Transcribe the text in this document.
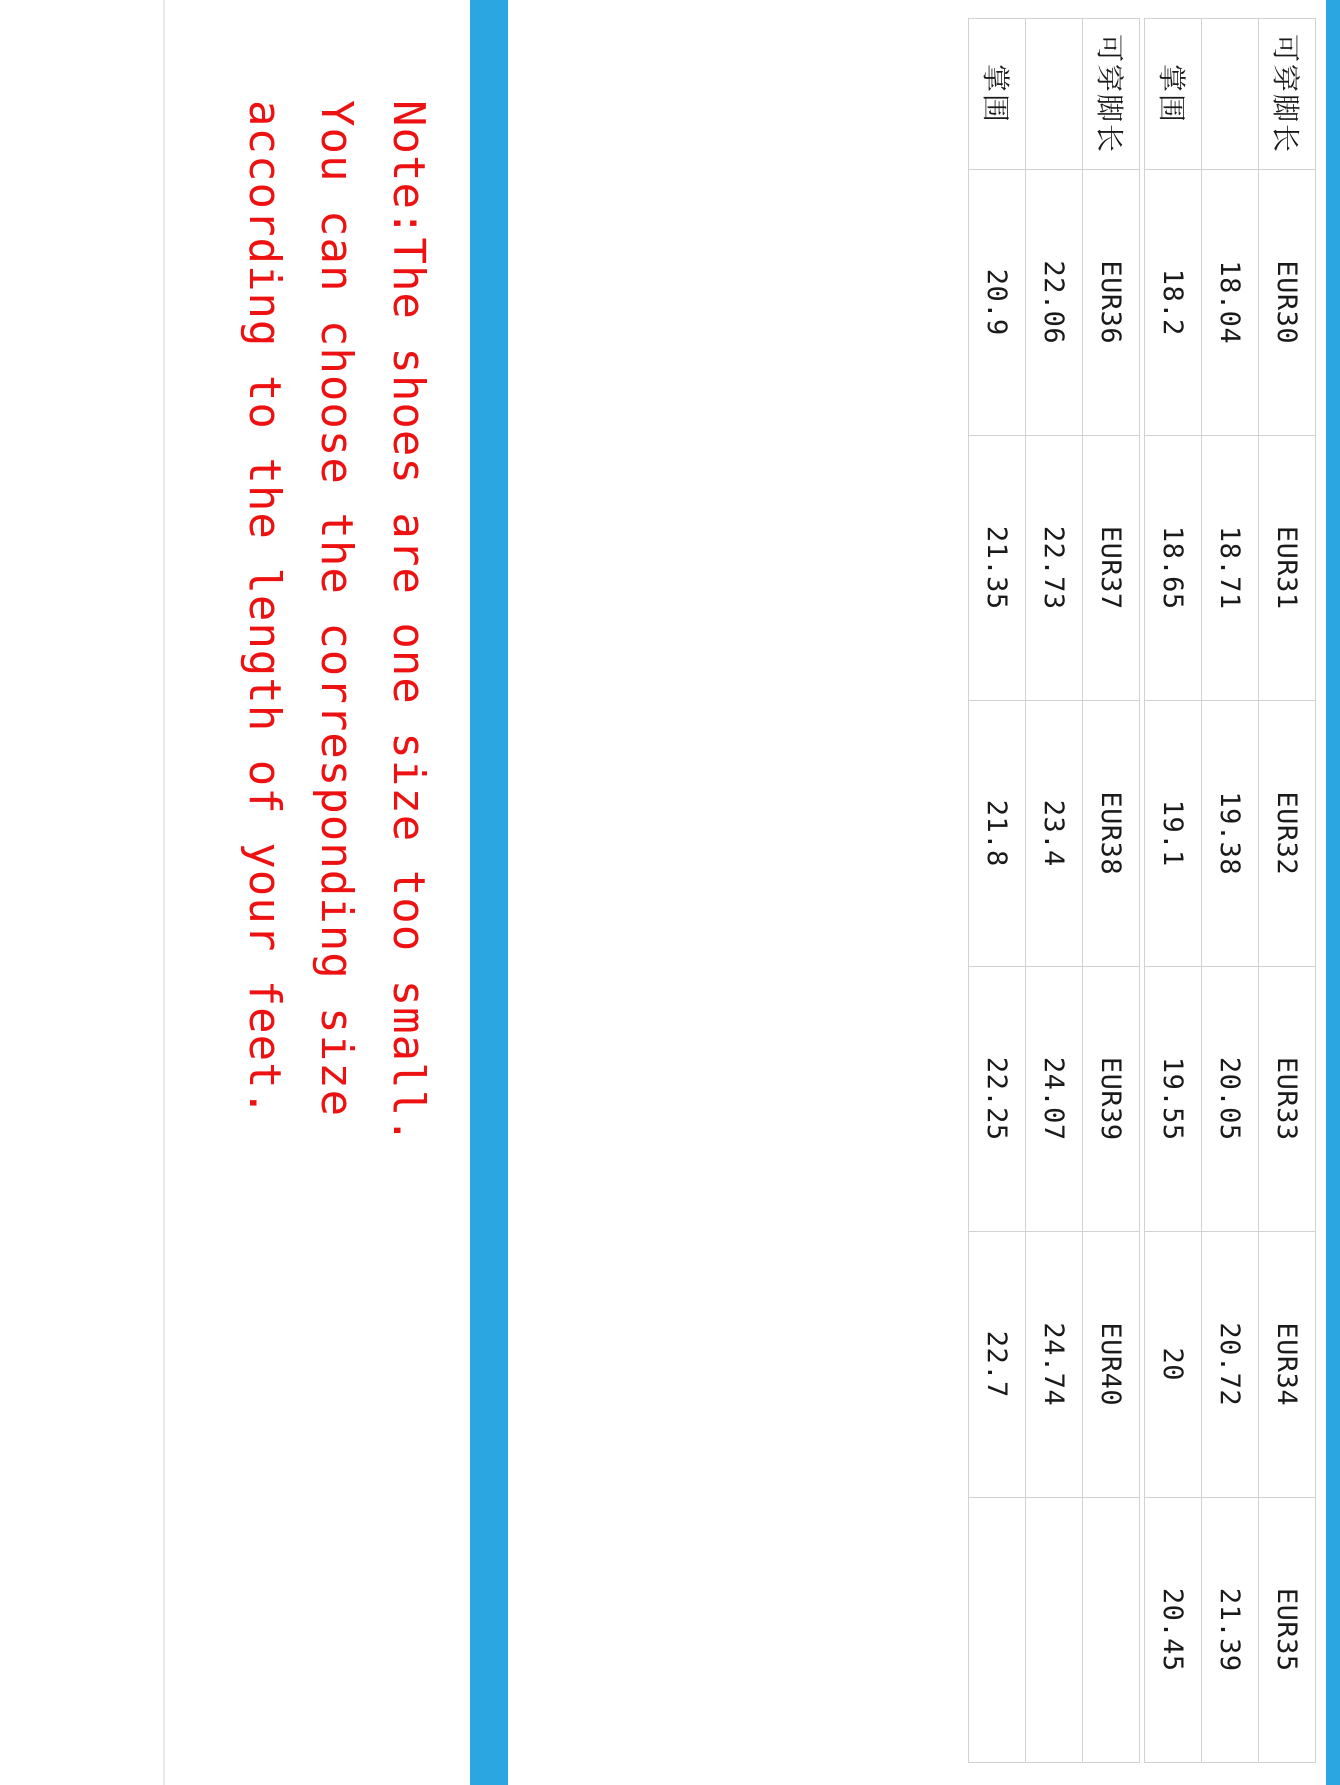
可穿脚长	EUR30	EUR31	EUR32	EUR33	EUR34	EUR35
	18.04	18.71	19.38	20.05	20.72	21.39
掌围	18.2	18.65	19.1	19.55	20	20.45
可穿脚长	EUR36	EUR37	EUR38	EUR39	EUR40	
	22.06	22.73	23.4	24.07	24.74	
掌围	20.9	21.35	21.8	22.25	22.7	
Note:The shoes are one size too small.
You can choose the corresponding size
according to the length of your feet.
